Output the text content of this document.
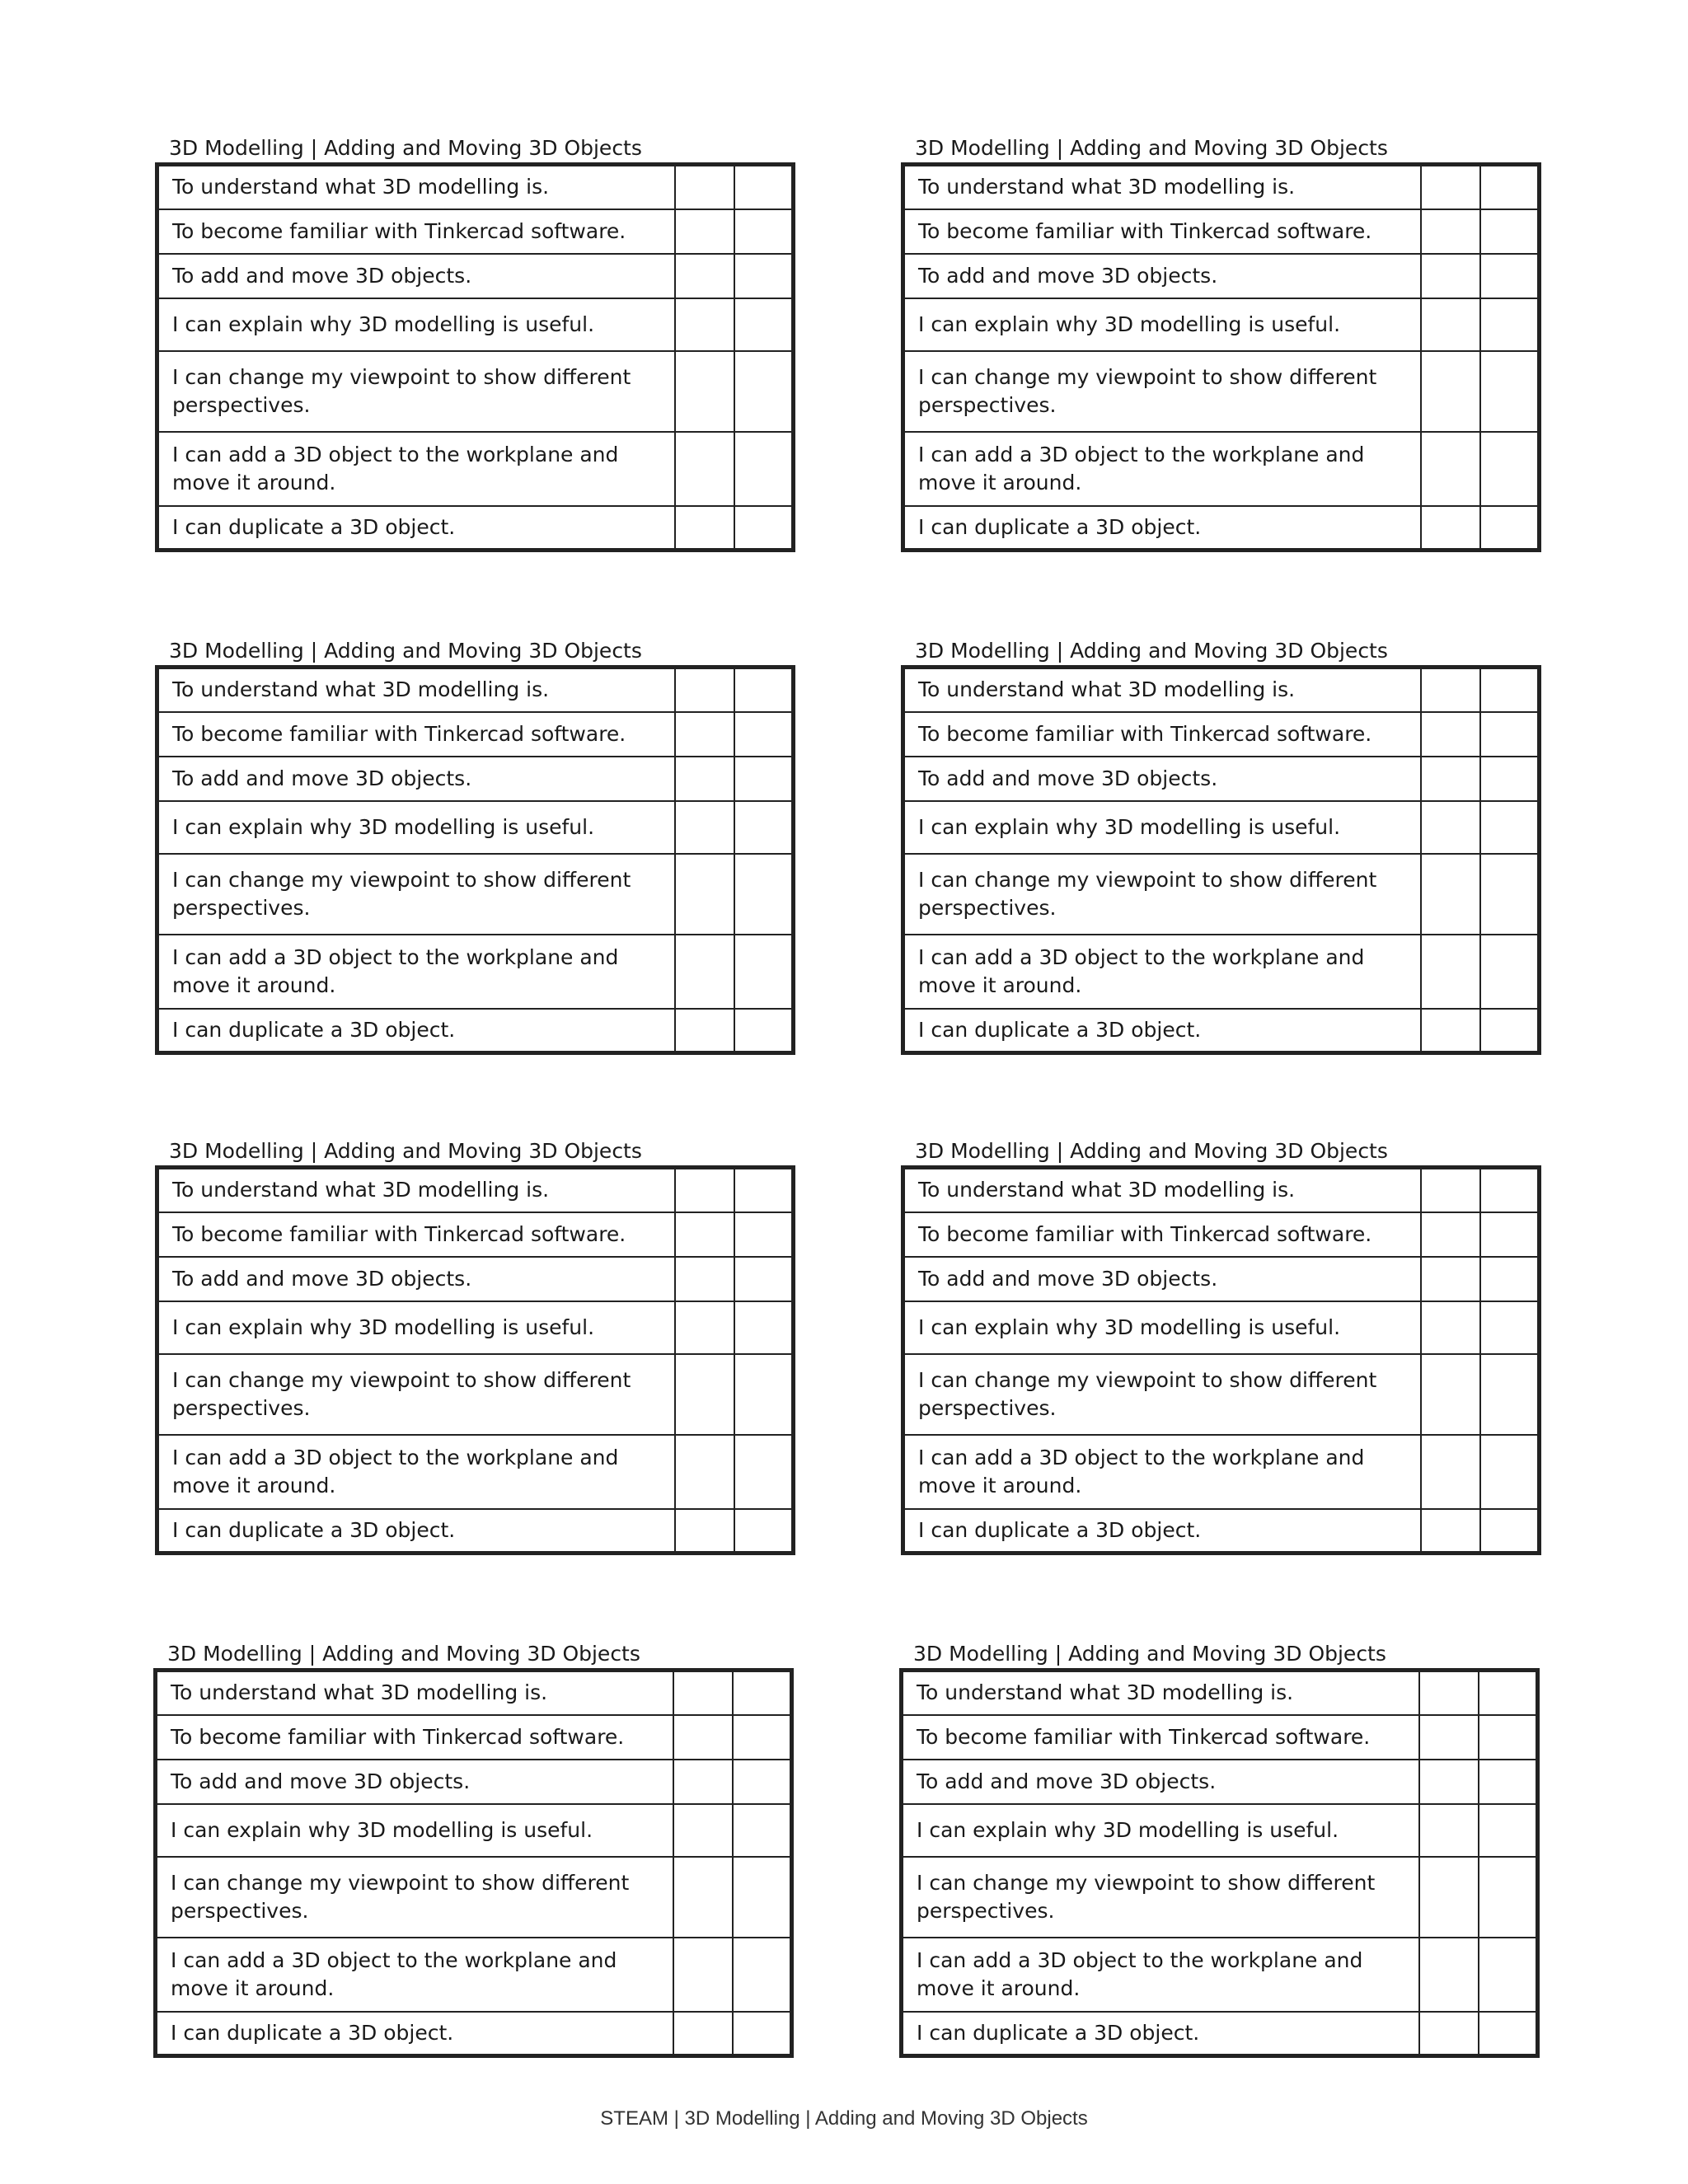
3D Modelling | Adding and Moving 3D Objects
To understand what 3D modelling is.		
To become familiar with Tinkercad software.		
To add and move 3D objects.		
I can explain why 3D modelling is useful.		
I can change my viewpoint to show different perspectives.		
I can add a 3D object to the workplane and move it around.		
I can duplicate a 3D object.		
3D Modelling | Adding and Moving 3D Objects
To understand what 3D modelling is.		
To become familiar with Tinkercad software.		
To add and move 3D objects.		
I can explain why 3D modelling is useful.		
I can change my viewpoint to show different perspectives.		
I can add a 3D object to the workplane and move it around.		
I can duplicate a 3D object.		
3D Modelling | Adding and Moving 3D Objects
To understand what 3D modelling is.		
To become familiar with Tinkercad software.		
To add and move 3D objects.		
I can explain why 3D modelling is useful.		
I can change my viewpoint to show different perspectives.		
I can add a 3D object to the workplane and move it around.		
I can duplicate a 3D object.		
3D Modelling | Adding and Moving 3D Objects
To understand what 3D modelling is.		
To become familiar with Tinkercad software.		
To add and move 3D objects.		
I can explain why 3D modelling is useful.		
I can change my viewpoint to show different perspectives.		
I can add a 3D object to the workplane and move it around.		
I can duplicate a 3D object.		
3D Modelling | Adding and Moving 3D Objects
To understand what 3D modelling is.		
To become familiar with Tinkercad software.		
To add and move 3D objects.		
I can explain why 3D modelling is useful.		
I can change my viewpoint to show different perspectives.		
I can add a 3D object to the workplane and move it around.		
I can duplicate a 3D object.		
3D Modelling | Adding and Moving 3D Objects
To understand what 3D modelling is.		
To become familiar with Tinkercad software.		
To add and move 3D objects.		
I can explain why 3D modelling is useful.		
I can change my viewpoint to show different perspectives.		
I can add a 3D object to the workplane and move it around.		
I can duplicate a 3D object.		
3D Modelling | Adding and Moving 3D Objects
To understand what 3D modelling is.		
To become familiar with Tinkercad software.		
To add and move 3D objects.		
I can explain why 3D modelling is useful.		
I can change my viewpoint to show different perspectives.		
I can add a 3D object to the workplane and move it around.		
I can duplicate a 3D object.		
3D Modelling | Adding and Moving 3D Objects
To understand what 3D modelling is.		
To become familiar with Tinkercad software.		
To add and move 3D objects.		
I can explain why 3D modelling is useful.		
I can change my viewpoint to show different perspectives.		
I can add a 3D object to the workplane and move it around.		
I can duplicate a 3D object.		
STEAM | 3D Modelling | Adding and Moving 3D Objects
